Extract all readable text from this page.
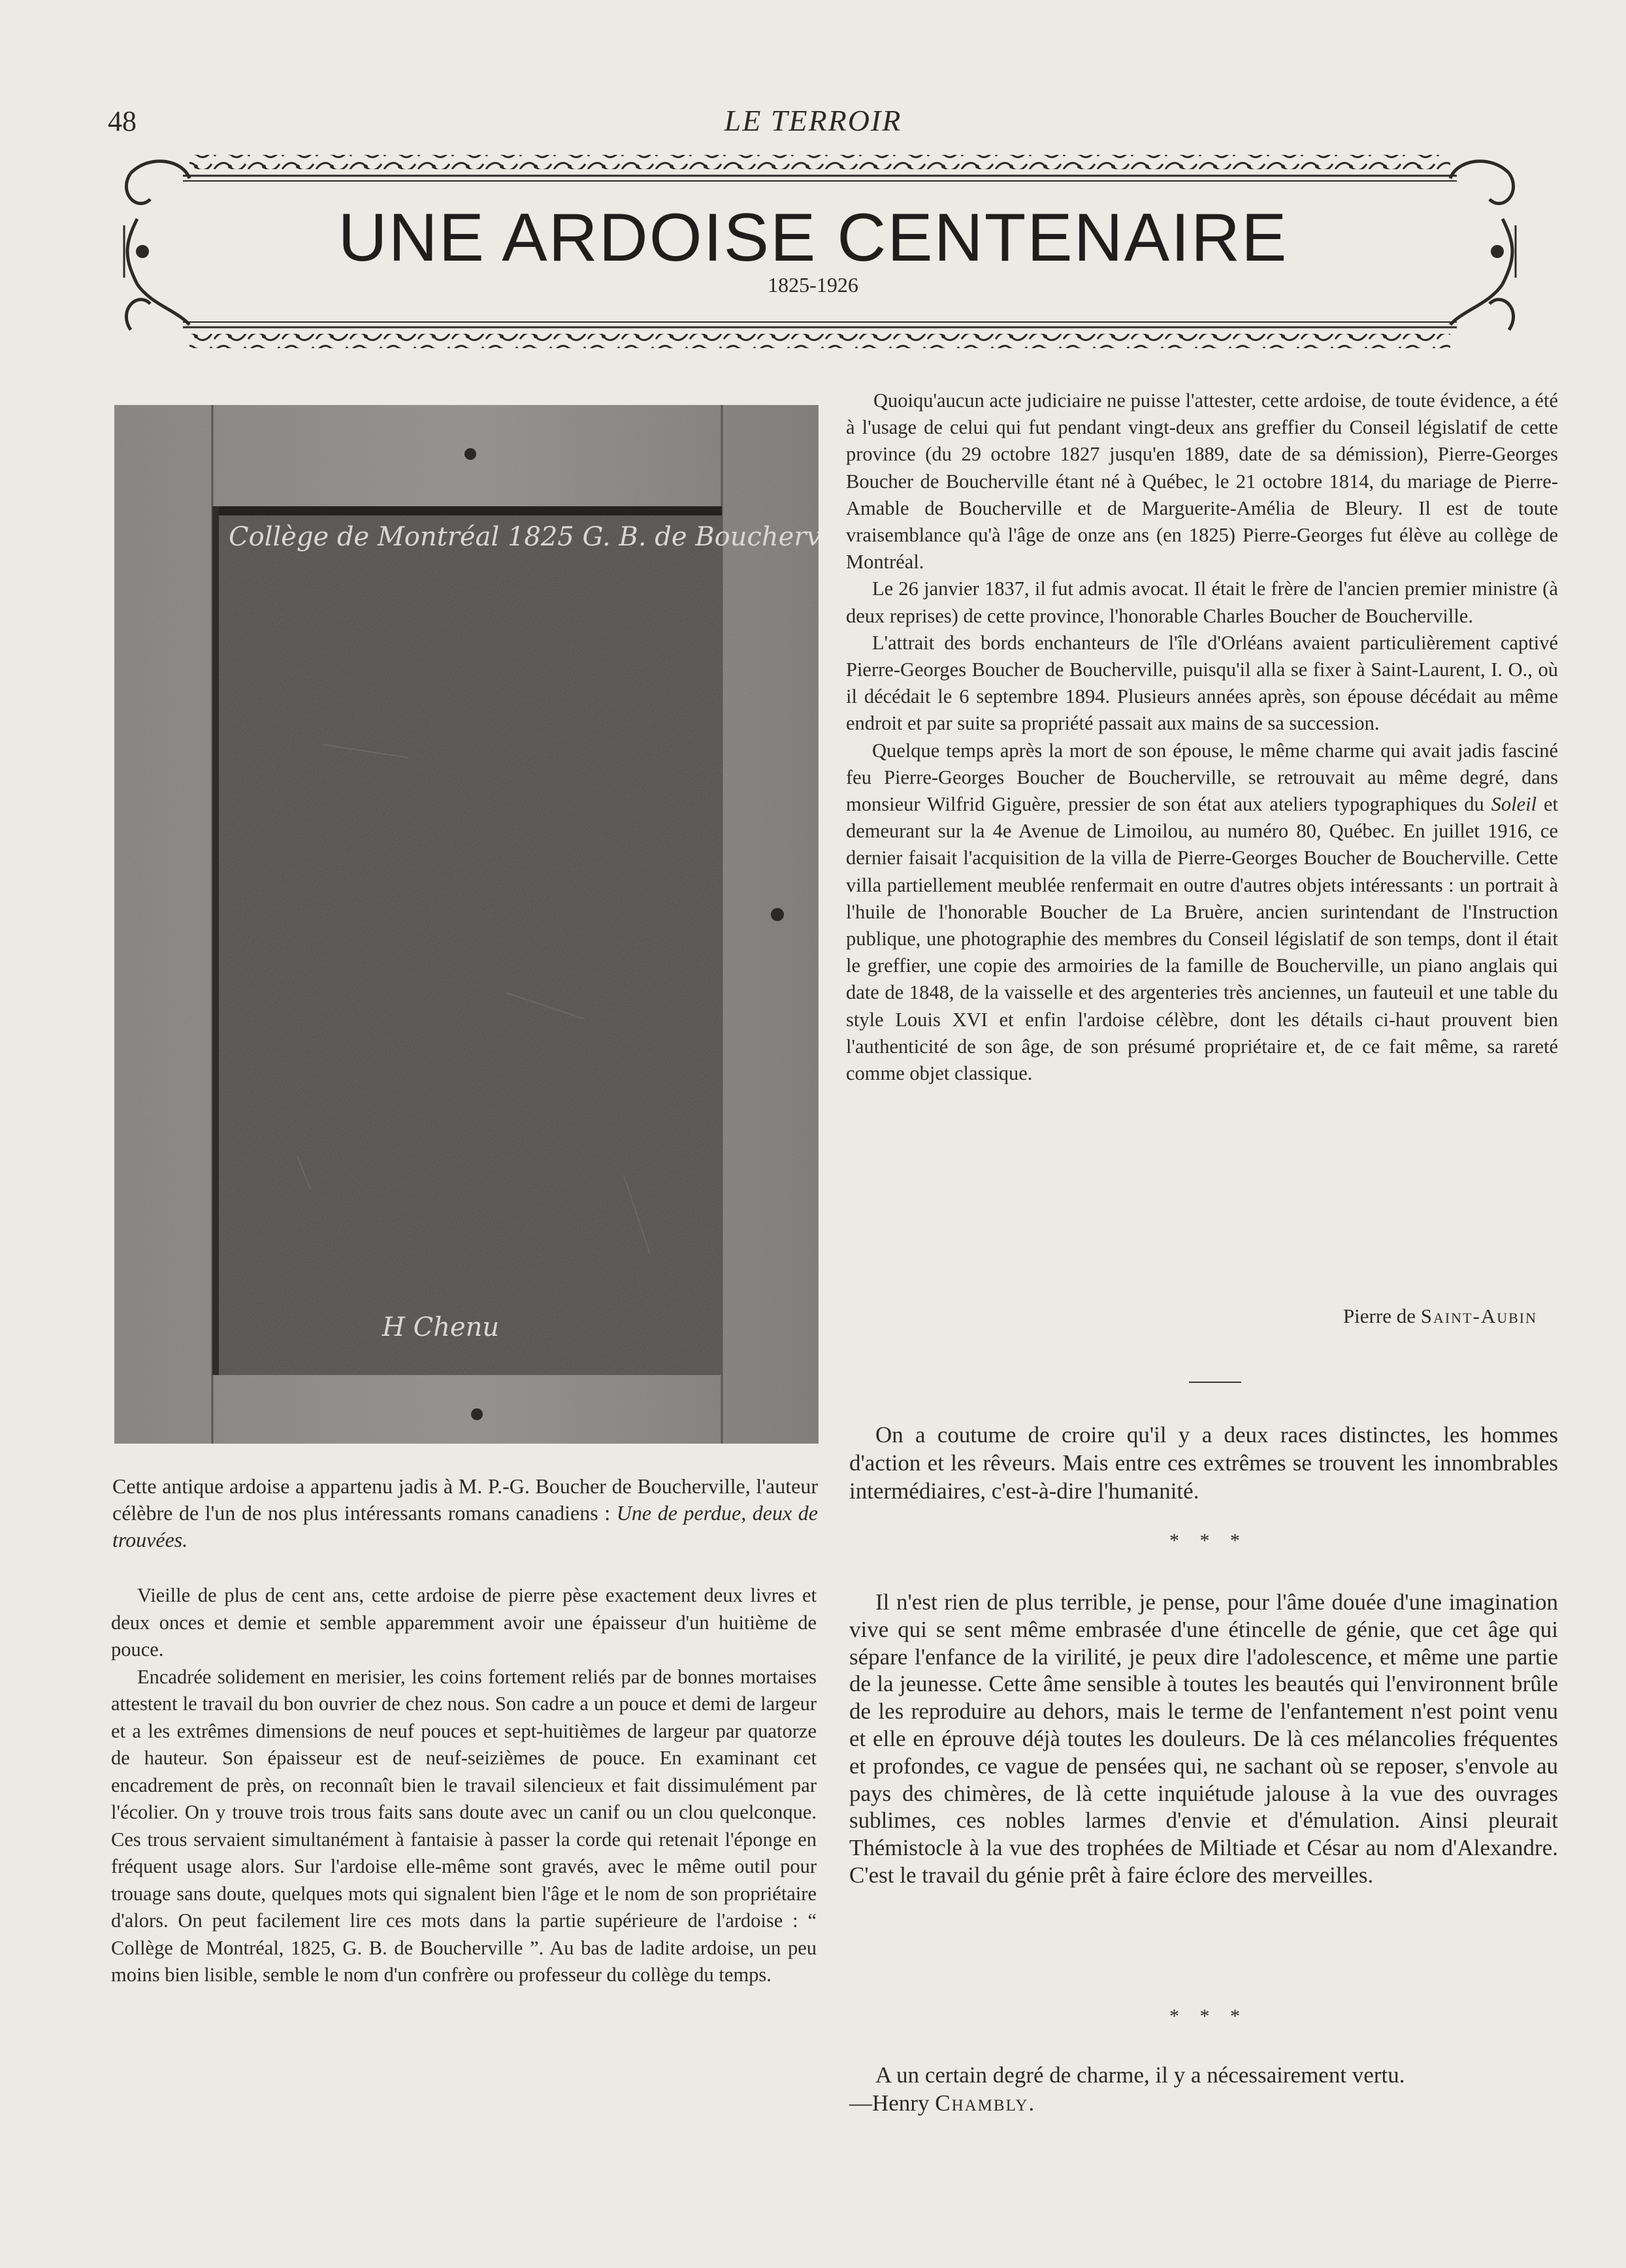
48	LE TERROIR
UNE ARDOISE CENTENAIRE
1825-1926
Collège de Montréal 1825 G. B. de Boucherville
H Chenu
Cette antique ardoise a appartenu jadis à M. P.-G. Boucher de Boucherville, l'auteur célèbre de l'un de nos plus intéressants romans canadiens : Une de perdue, deux de trouvées.

Vieille de plus de cent ans, cette ardoise de pierre pèse exactement deux livres et deux onces et demie et semble apparemment avoir une épaisseur d'un huitième de pouce.

Encadrée solidement en merisier, les coins fortement reliés par de bonnes mortaises attestent le travail du bon ouvrier de chez nous. Son cadre a un pouce et demi de largeur et a les extrêmes dimensions de neuf pouces et sept-huitièmes de largeur par quatorze de hauteur. Son épaisseur est de neuf-seizièmes de pouce. En examinant cet encadrement de près, on reconnaît bien le travail silencieux et fait dissimulément par l'écolier. On y trouve trois trous faits sans doute avec un canif ou un clou quelconque. Ces trous servaient simultanément à fantaisie à passer la corde qui retenait l'éponge en fréquent usage alors. Sur l'ardoise elle-même sont gravés, avec le même outil pour trouage sans doute, quelques mots qui signalent bien l'âge et le nom de son propriétaire d'alors. On peut facilement lire ces mots dans la partie supérieure de l'ardoise : “ Collège de Montréal, 1825, G. B. de Boucherville ”. Au bas de ladite ardoise, un peu moins bien lisible, semble le nom d'un confrère ou professeur du collège du temps.

Quoiqu'aucun acte judiciaire ne puisse l'attester, cette ardoise, de toute évidence, a été à l'usage de celui qui fut pendant vingt-deux ans greffier du Conseil législatif de cette province (du 29 octobre 1827 jusqu'en 1889, date de sa démission), Pierre-Georges Boucher de Boucherville étant né à Québec, le 21 octobre 1814, du mariage de Pierre-Amable de Boucherville et de Marguerite-Amélia de Bleury. Il est de toute vraisemblance qu'à l'âge de onze ans (en 1825) Pierre-Georges fut élève au collège de Montréal.

Le 26 janvier 1837, il fut admis avocat. Il était le frère de l'ancien premier ministre (à deux reprises) de cette province, l'honorable Charles Boucher de Boucherville.

L'attrait des bords enchanteurs de l'île d'Orléans avaient particulièrement captivé Pierre-Georges Boucher de Boucherville, puisqu'il alla se fixer à Saint-Laurent, I. O., où il décédait le 6 septembre 1894. Plusieurs années après, son épouse décédait au même endroit et par suite sa propriété passait aux mains de sa succession.

Quelque temps après la mort de son épouse, le même charme qui avait jadis fasciné feu Pierre-Georges Boucher de Boucherville, se retrouvait au même degré, dans monsieur Wilfrid Giguère, pressier de son état aux ateliers typographiques du Soleil et demeurant sur la 4e Avenue de Limoilou, au numéro 80, Québec. En juillet 1916, ce dernier faisait l'acquisition de la villa de Pierre-Georges Boucher de Boucherville. Cette villa partiellement meublée renfermait en outre d'autres objets intéressants : un portrait à l'huile de l'honorable Boucher de La Bruère, ancien surintendant de l'Instruction publique, une photographie des membres du Conseil législatif de son temps, dont il était le greffier, une copie des armoiries de la famille de Boucherville, un piano anglais qui date de 1848, de la vaisselle et des argenteries très anciennes, un fauteuil et une table du style Louis XVI et enfin l'ardoise célèbre, dont les détails ci-haut prouvent bien l'authenticité de son âge, de son présumé propriétaire et, de ce fait même, sa rareté comme objet classique.

Pierre de Saint-Aubin

On a coutume de croire qu'il y a deux races distinctes, les hommes d'action et les rêveurs. Mais entre ces extrêmes se trouvent les innombrables intermédiaires, c'est-à-dire l'humanité.

* * *

Il n'est rien de plus terrible, je pense, pour l'âme douée d'une imagination vive qui se sent même embrasée d'une étincelle de génie, que cet âge qui sépare l'enfance de la virilité, je peux dire l'adolescence, et même une partie de la jeunesse. Cette âme sensible à toutes les beautés qui l'environnent brûle de les reproduire au dehors, mais le terme de l'enfantement n'est point venu et elle en éprouve déjà toutes les douleurs. De là ces mélancolies fréquentes et profondes, ce vague de pensées qui, ne sachant où se reposer, s'envole au pays des chimères, de là cette inquiétude jalouse à la vue des ouvrages sublimes, ces nobles larmes d'envie et d'émulation. Ainsi pleurait Thémistocle à la vue des trophées de Miltiade et César au nom d'Alexandre. C'est le travail du génie prêt à faire éclore des merveilles.

* * *

A un certain degré de charme, il y a nécessairement vertu.

—Henry Chambly.
